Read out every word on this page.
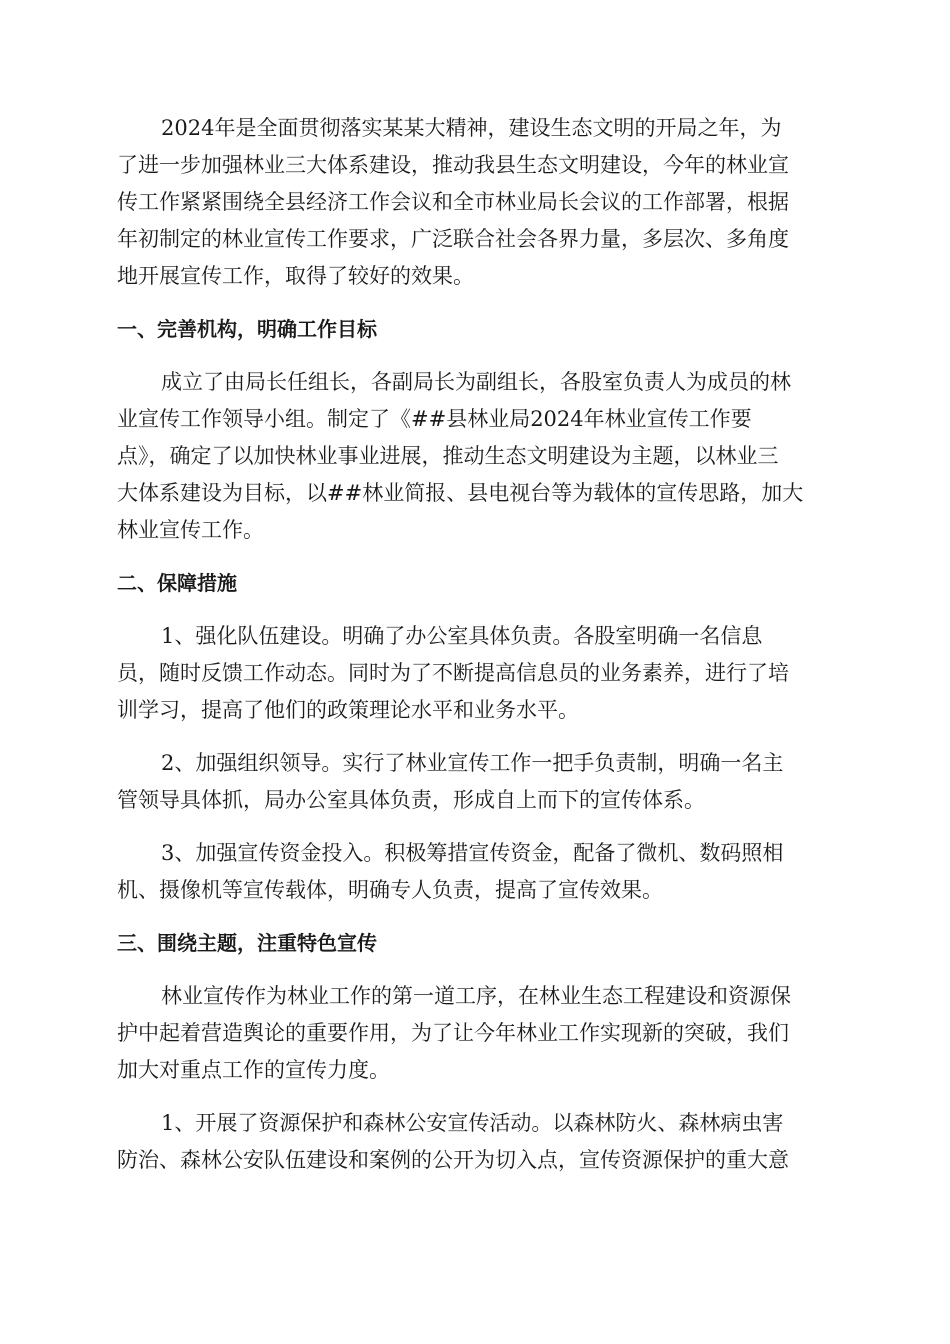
2024年是全面贯彻落实某某大精神，建设生态文明的开局之年，为
了进一步加强林业三大体系建设，推动我县生态文明建设，今年的林业宣
传工作紧紧围绕全县经济工作会议和全市林业局长会议的工作部署，根据
年初制定的林业宣传工作要求，广泛联合社会各界力量，多层次、多角度
地开展宣传工作，取得了较好的效果。
一、完善机构，明确工作目标
成立了由局长任组长，各副局长为副组长，各股室负责人为成员的林
业宣传工作领导小组。制定了《##县林业局2024年林业宣传工作要
点》，确定了以加快林业事业进展，推动生态文明建设为主题，以林业三
大体系建设为目标，以##林业简报、县电视台等为载体的宣传思路，加大
林业宣传工作。
二、保障措施
1、强化队伍建设。明确了办公室具体负责。各股室明确一名信息
员，随时反馈工作动态。同时为了不断提高信息员的业务素养，进行了培
训学习，提高了他们的政策理论水平和业务水平。
2、加强组织领导。实行了林业宣传工作一把手负责制，明确一名主
管领导具体抓，局办公室具体负责，形成自上而下的宣传体系。
3、加强宣传资金投入。积极筹措宣传资金，配备了微机、数码照相
机、摄像机等宣传载体，明确专人负责，提高了宣传效果。
三、围绕主题，注重特色宣传
林业宣传作为林业工作的第一道工序，在林业生态工程建设和资源保
护中起着营造舆论的重要作用，为了让今年林业工作实现新的突破，我们
加大对重点工作的宣传力度。
1、开展了资源保护和森林公安宣传活动。以森林防火、森林病虫害
防治、森林公安队伍建设和案例的公开为切入点，宣传资源保护的重大意
